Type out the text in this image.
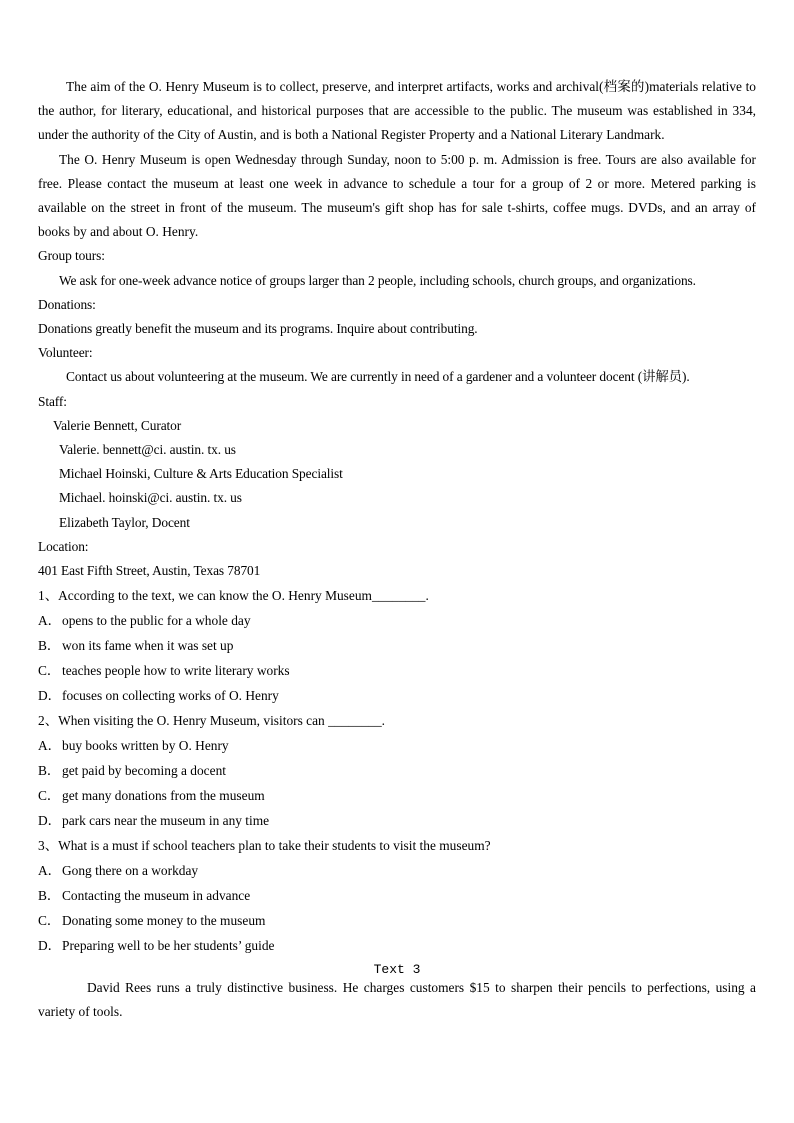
The aim of the O. Henry Museum is to collect, preserve, and interpret artifacts, works and archival(档案的)materials relative to the author, for literary, educational, and historical purposes that are accessible to the public. The museum was established in 334, under the authority of the City of Austin, and is both a National Register Property and a National Literary Landmark.
The O. Henry Museum is open Wednesday through Sunday, noon to 5:00 p. m. Admission is free. Tours are also available for free. Please contact the museum at least one week in advance to schedule a tour for a group of 2 or more. Metered parking is available on the street in front of the museum. The museum's gift shop has for sale t-shirts, coffee mugs. DVDs, and an array of books by and about O. Henry.
Group tours:
We ask for one-week advance notice of groups larger than 2 people, including schools, church groups, and organizations.
Donations:
Donations greatly benefit the museum and its programs. Inquire about contributing.
Volunteer:
Contact us about volunteering at the museum. We are currently in need of a gardener and a volunteer docent (讲解员).
Staff:
Valerie Bennett, Curator
Valerie. bennett@ci. austin. tx. us
Michael Hoinski, Culture & Arts Education Specialist
Michael. hoinski@ci. austin. tx. us
Elizabeth Taylor, Docent
Location:
401 East Fifth Street, Austin, Texas 78701
1、According to the text, we can know the O. Henry Museum________.
A．opens to the public for a whole day
B． won its fame when it was set up
C． teaches people how to write literary works
D．focuses on collecting works of O. Henry
2、When visiting the O. Henry Museum, visitors can ________.
A．buy books written by O. Henry
B． get paid by becoming a docent
C． get many donations from the museum
D．park cars near the museum in any time
3、What is a must if school teachers plan to take their students to visit the museum?
A．Gong there on a workday
B． Contacting the museum in advance
C． Donating some money to the museum
D．Preparing well to be her students’ guide
Text 3
David Rees runs a truly distinctive business. He charges customers $15 to sharpen their pencils to perfections, using a variety of tools.
